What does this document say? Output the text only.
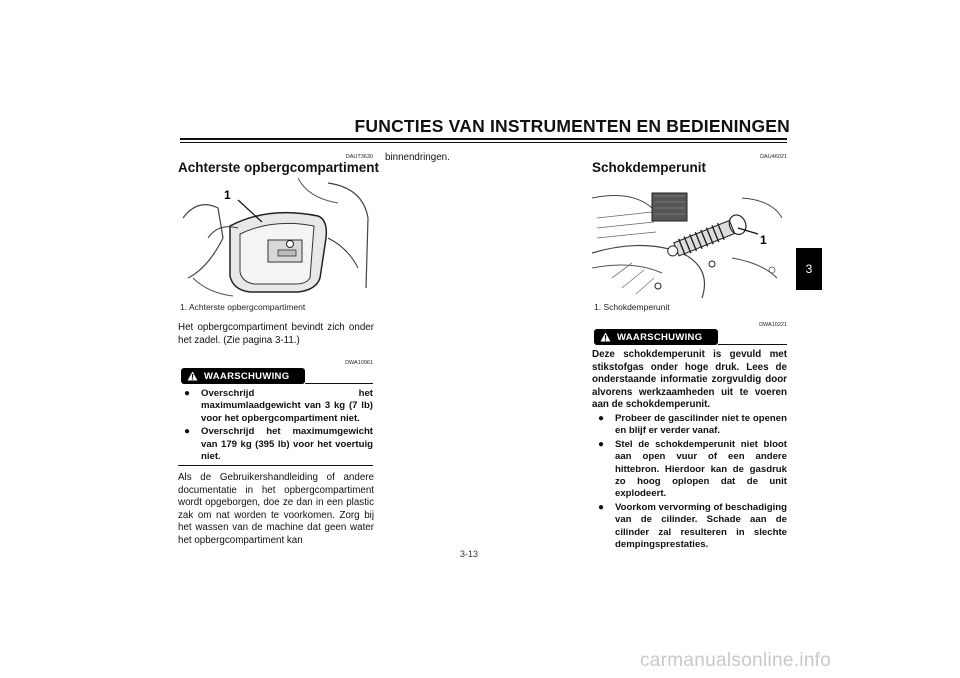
FUNCTIES VAN INSTRUMENTEN EN BEDIENINGEN
3
DAUT3630
Achterste opbergcompartiment
1
1. Achterste opbergcompartiment
Het opbergcompartiment bevindt zich onder het zadel. (Zie pagina 3-11.)
DWA10961
WAARSCHUWING
● Overschrijd het maximumlaadgewicht van 3 kg (7 lb) voor het opbergcompartiment niet.
● Overschrijd het maximumgewicht van 179 kg (395 lb) voor het voertuig niet.
Als de Gebruikershandleiding of andere documentatie in het opbergcompartiment wordt opgeborgen, doe ze dan in een plastic zak om nat worden te voorkomen. Zorg bij het wassen van de machine dat geen water het opbergcompartiment kan
binnendringen.	DAU46021
Schokdemperunit
1
1. Schokdemperunit
DWA10221
WAARSCHUWING
Deze schokdemperunit is gevuld met stikstofgas onder hoge druk. Lees de onderstaande informatie zorgvuldig door alvorens werkzaamheden uit te voeren aan de schokdemperunit.
● Probeer de gascilinder niet te openen en blijf er verder vanaf.
● Stel de schokdemperunit niet bloot aan open vuur of een andere hittebron. Hierdoor kan de gasdruk zo hoog oplopen dat de unit explodeert.
● Voorkom vervorming of beschadiging van de cilinder. Schade aan de cilinder zal resulteren in slechte dempingsprestaties.
3-13
carmanualsonline.info
